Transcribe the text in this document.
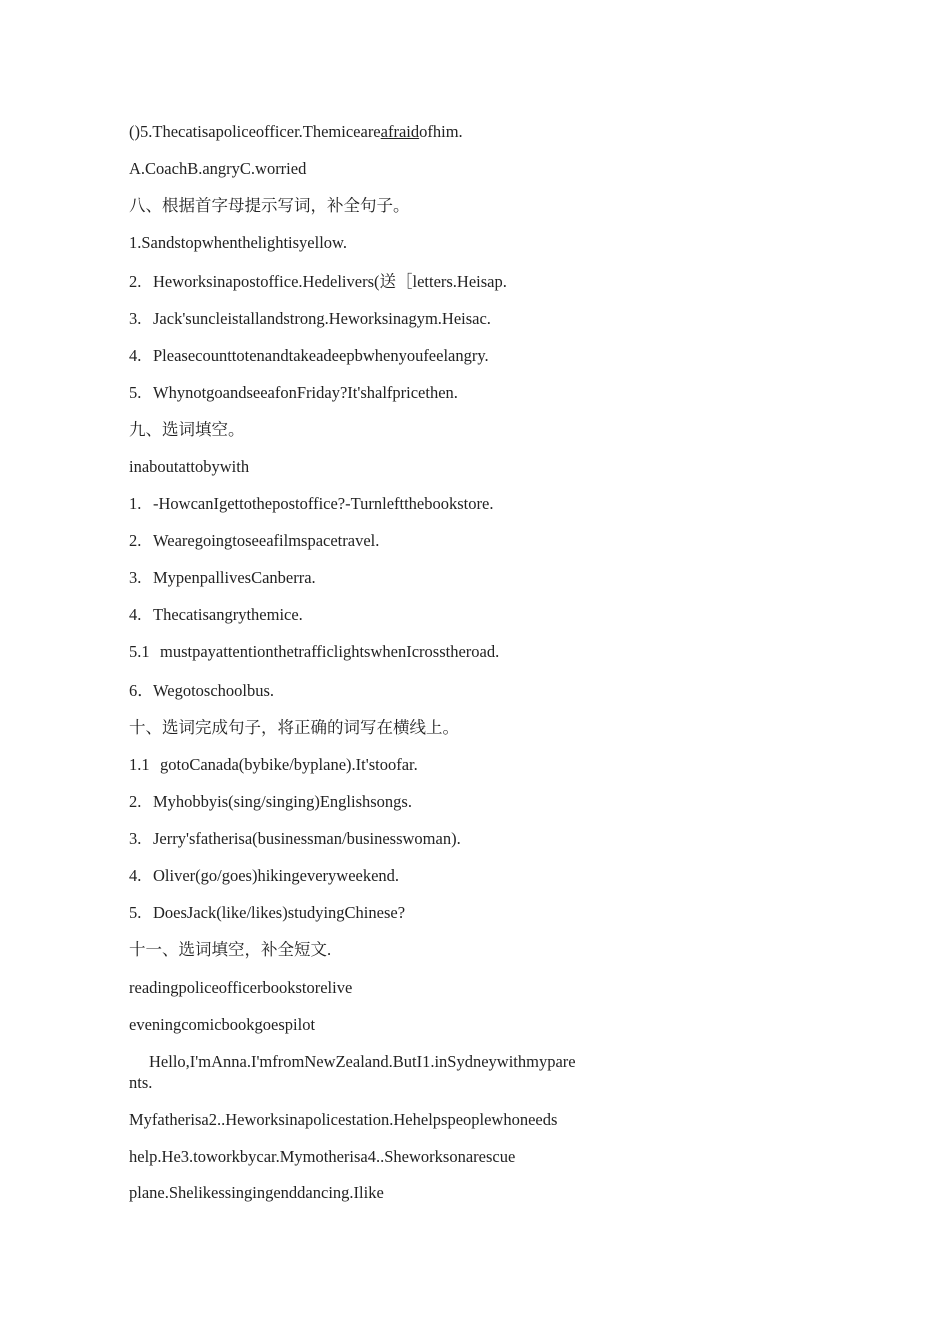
()5.Thecatisapoliceofficer.Themiceareafraidofhim.
A.CoachB.angryC.worried
八、根据首字母提示写词，补全句子。
1.Sandstopwhenthelightisyellow.
2. Heworksinapostoffice.Hedelivers(送［letters.Heisap.
3. Jack'suncleistallandstrong.Heworksinagym.Heisac.
4. Pleasecounttotenandtakeadeepbwhenyoufeelangry.
5. WhynotgoandseeafonFriday?It'shalfpricethen.
九、选词填空。
inaboutattobywith
1. -HowcanIgettothepostoffice?-Turnleftthebookstore.
2. Wearegoingtoseeafilmspacetravel.
3. MypenpallivesCanberra.
4. Thecatisangrythemice.
5.1 mustpayattentionthetrafficlightswhenIcrosstheroad.
6．Wegotoschoolbus.
十、选词完成句子，将正确的词写在横线上。
1.1 gotoCanada(bybike/byplane).It'stoofar.
2. Myhobbyis(sing/singing)Englishsongs.
3. Jerry'sfatherisa(businessman/businesswoman).
4. Oliver(go/goes)hikingeveryweekend.
5. DoesJack(like/likes)studyingChinese?
十一、选词填空，补全短文.
readingpoliceofficerbookstorelive
eveningcomicbookgoespilot
Hello,I'mAnna.I'mfromNewZealand.ButI1.inSydneywithmypare
nts.
Myfatherisa2..Heworksinapolicestation.Hehelpspeoplewhoneeds
help.He3.toworkbycar.Mymotherisa4..Sheworksonarescue
plane.Shelikessingingenddancing.Ilike
